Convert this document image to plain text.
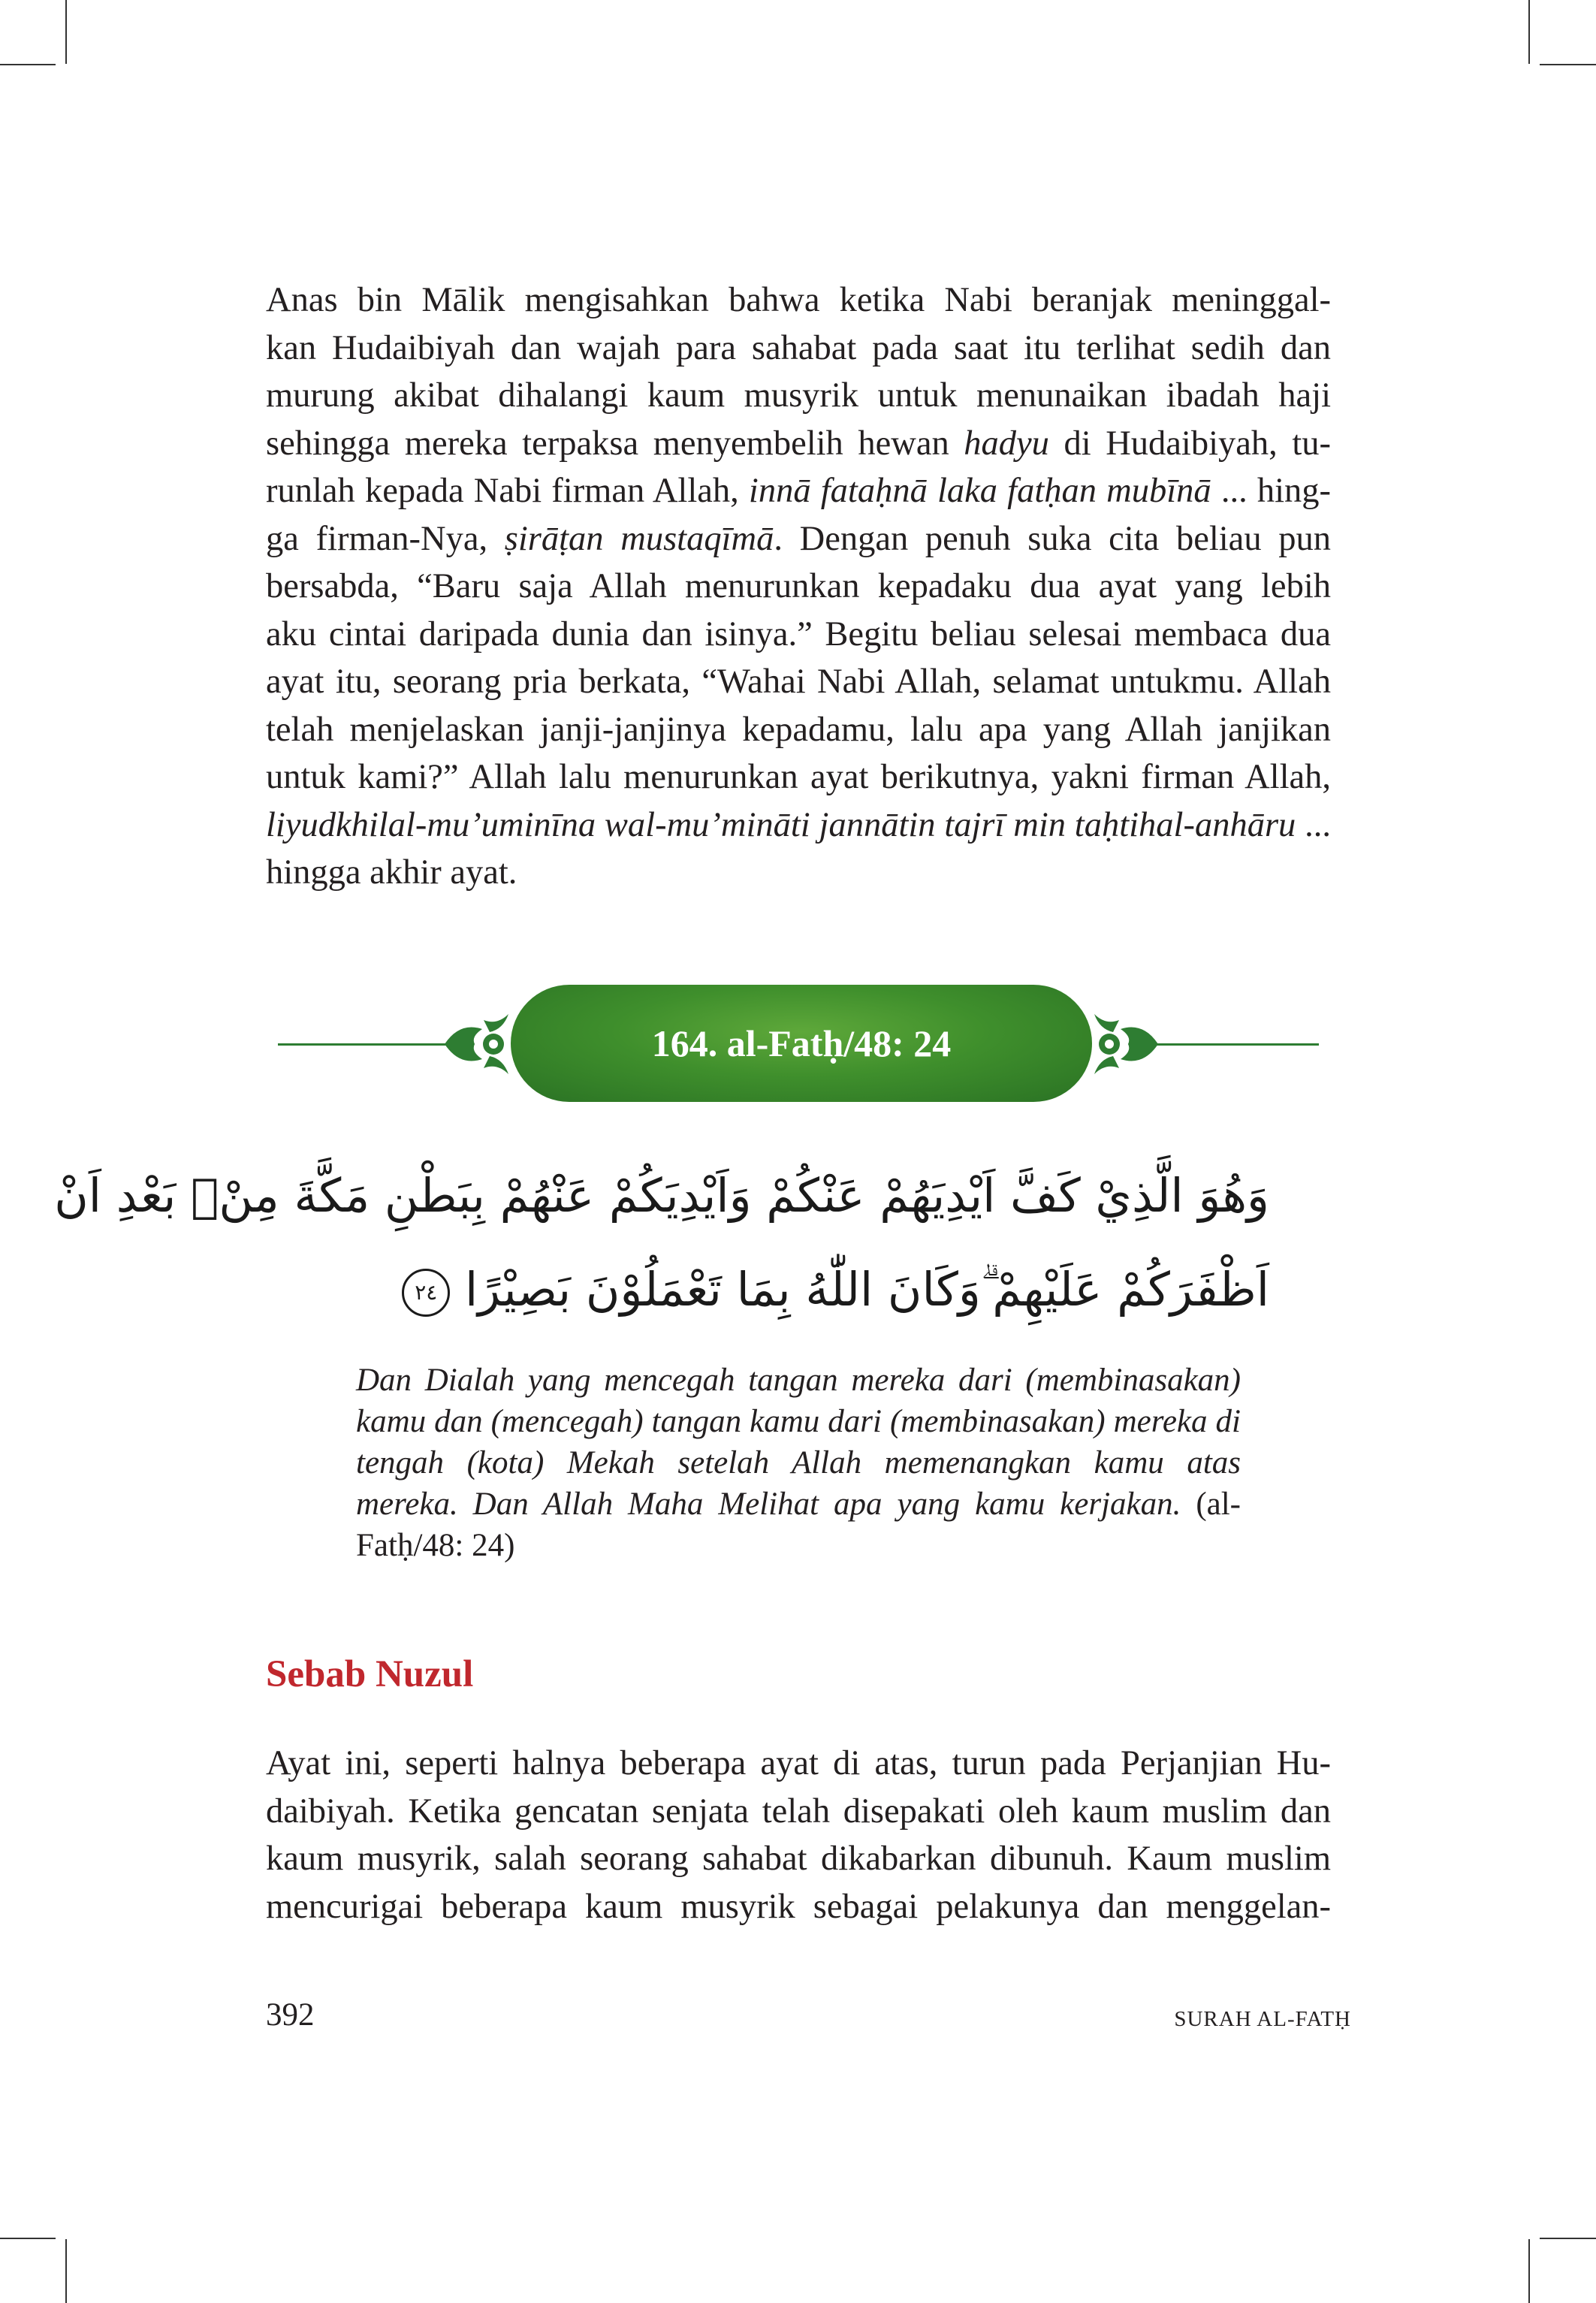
Anas bin Mālik mengisahkan bahwa ketika Nabi beranjak meninggal-
kan Hudaibiyah dan wajah para sahabat pada saat itu terlihat sedih dan
murung akibat dihalangi kaum musyrik untuk menunaikan ibadah haji
sehingga mereka terpaksa menyembelih hewan hadyu di Hudaibiyah, tu-
runlah kepada Nabi firman Allah, innā fataḥnā laka fatḥan mubīnā ... hing-
ga firman-Nya, ṣirāṭan mustaqīmā. Dengan penuh suka cita beliau pun
bersabda, “Baru saja Allah menurunkan kepadaku dua ayat yang lebih
aku cintai daripada dunia dan isinya.” Begitu beliau selesai membaca dua
ayat itu, seorang pria berkata, “Wahai Nabi Allah, selamat untukmu. Allah
telah menjelaskan janji-janjinya kepadamu, lalu apa yang Allah janjikan
untuk kami?” Allah lalu menurunkan ayat berikutnya, yakni firman Allah,
liyudkhilal-mu’uminīna wal-mu’mināti jannātin tajrī min taḥtihal-anhāru ...
hingga akhir ayat.

164. al-Fatḥ/48: 24
وَهُوَ الَّذِيْ كَفَّ اَيْدِيَهُمْ عَنْكُمْ وَاَيْدِيَكُمْ عَنْهُمْ بِبَطْنِ مَكَّةَ مِنْۢ بَعْدِ اَنْ
اَظْفَرَكُمْ عَلَيْهِمْ ۗوَكَانَ اللّٰهُ بِمَا تَعْمَلُوْنَ بَصِيْرًا ٢٤

Dan Dialah yang mencegah tangan mereka dari (membinasakan) kamu dan (mencegah) tangan kamu dari (membinasakan) mereka di tengah (kota) Mekah setelah Allah memenangkan kamu atas mereka. Dan Allah Maha Melihat apa yang kamu kerjakan. (al-Fatḥ/48: 24)

Sebab Nuzul

Ayat ini, seperti halnya beberapa ayat di atas, turun pada Perjanjian Hu-
daibiyah. Ketika gencatan senjata telah disepakati oleh kaum muslim dan
kaum musyrik, salah seorang sahabat dikabarkan dibunuh. Kaum muslim
mencurigai beberapa kaum musyrik sebagai pelakunya dan menggelan-

392	SURAH AL-FATḤ
